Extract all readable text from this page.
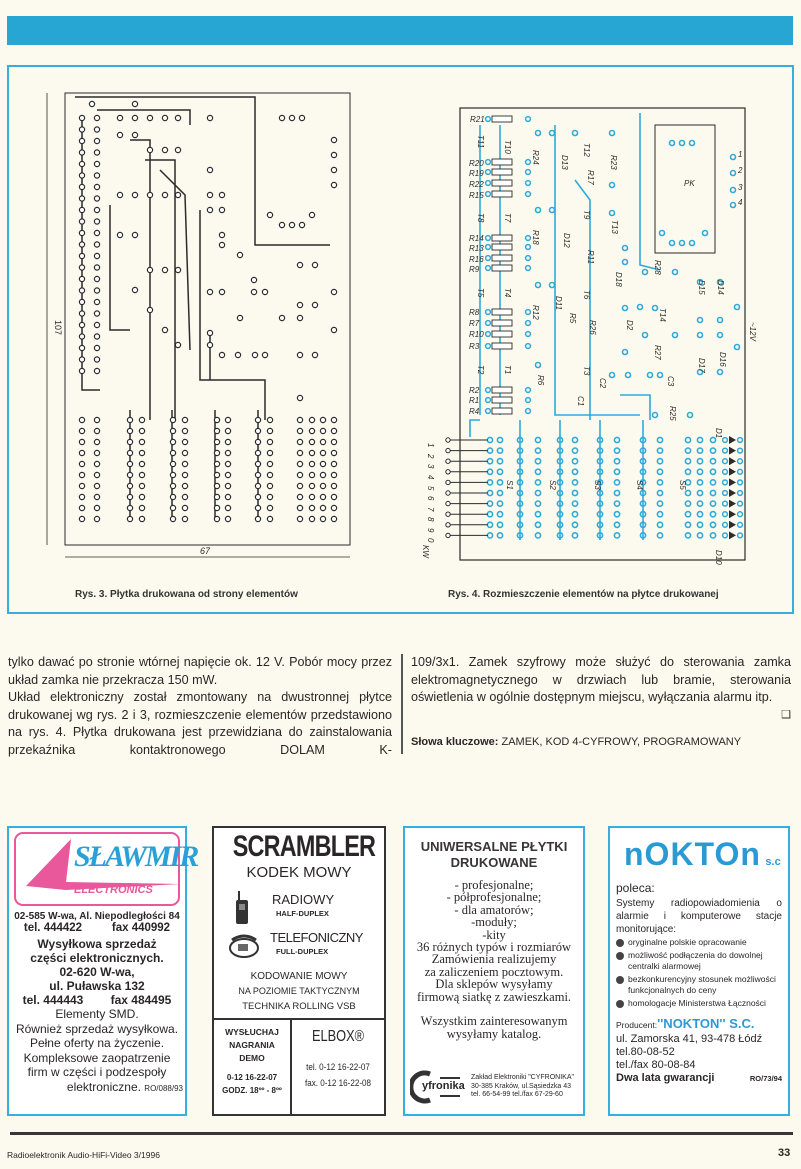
107
67
R21
R20
R19
R22
R15
R14
R13
R16
R9
R8
R7
R10
R3
R2
R1
R4
T11 T10
T8 T7
T5 T4
T2 T1
R24	D13
T12
R17
R23
R18	D12
T9
R11
R12
D11
R5
T6
R26
R6
T3
C1
C2
PK
1
2
3
4
T13
D18
R28
D14
D15
T14
R27
D2
D17 D16
~12V
C3
R25
D1
D10
S1	S2	S3	S4	S5
KW
1
2
3
4
5
6
7
8
9
0
Rys. 3. Płytka drukowana od strony elementów	Rys. 4. Rozmieszczenie elementów na płytce drukowanej

tylko dawać po stronie wtórnej napięcie ok. 12 V. Pobór mocy przez układ zamka nie przekracza 150 mW.

Układ elektroniczny został zmontowany na dwustronnej płytce drukowanej wg rys. 2 i 3, rozmieszczenie elementów przedstawiono na rys. 4. Płytka drukowana jest przewidziana do zainstalowania przekaźnika kontaktronowego DOLAM K-

109/3x1. Zamek szyfrowy może służyć do sterowania zamka elektromagnetycznego w drzwiach lub bramie, sterowania oświetlenia w ogólnie dostępnym miejscu, wyłączania alarmu itp.

❑
Słowa kluczowe: ZAMEK, KOD 4-CYFROWY, PROGRAMOWANY
SŁAWMIR
ELECTRONICS
02-585 W-wa, Al. Niepodległości 84
tel. 444422	fax 440992
Wysyłkowa sprzedaż
części elektronicznych.
02-620 W-wa,
ul. Puławska 132
tel. 444443 fax 484495
Elementy SMD.
Również sprzedaż wysyłkowa.
Pełne oferty na życzenie.
Kompleksowe zaopatrzenie
firm w części i podzespoły
elektroniczne. RO/088/93
SCRAMBLER
KODEK MOWY
RADIOWY
HALF-DUPLEX
TELEFONICZNY
FULL-DUPLEX
KODOWANIE MOWY
NA POZIOMIE TAKTYCZNYM
TECHNIKA ROLLING VSB
WYSŁUCHAJ
NAGRANIA
DEMO
0-12 16-22-07
GODZ. 18ºº - 8ºº
ELBOX®
tel. 0-12 16-22-07
fax. 0-12 16-22-08
UNIWERSALNE PŁYTKI
DRUKOWANE
- profesjonalne;
- półprofesjonalne;
- dla amatorów;
-moduły;
-kity
36 różnych typów i rozmiarów
Zamówienia realizujemy
za zaliczeniem pocztowym.
Dla sklepów wysyłamy
firmową siatkę z zawieszkami.
Wszystkim zainteresowanym
wysyłamy katalog.
yfronika
Zakład Elektroniki "CYFRONIKA"
30-385 Kraków, ul.Sąsiedzka 43
tel. 66-54-99 tel./fax 67-29-60
nOKTOn s.c
poleca:
Systemy radiopowiadomienia o alarmie i komputerowe stacje monitorujące:
oryginalne polskie opracowanie
możliwość podłączenia do dowolnej centralki alarmowej
bezkonkurencyjny stosunek możliwości funkcjonalnych do ceny
homologacje Ministerstwa Łączności
Producent:''NOKTON'' S.C.
ul. Zamorska 41, 93-478 Łódź
tel.80-08-52
tel./fax 80-08-84
Dwa lata gwarancji	RO/73/94
Radioelektronik Audio-HiFi-Video 3/1996	33
